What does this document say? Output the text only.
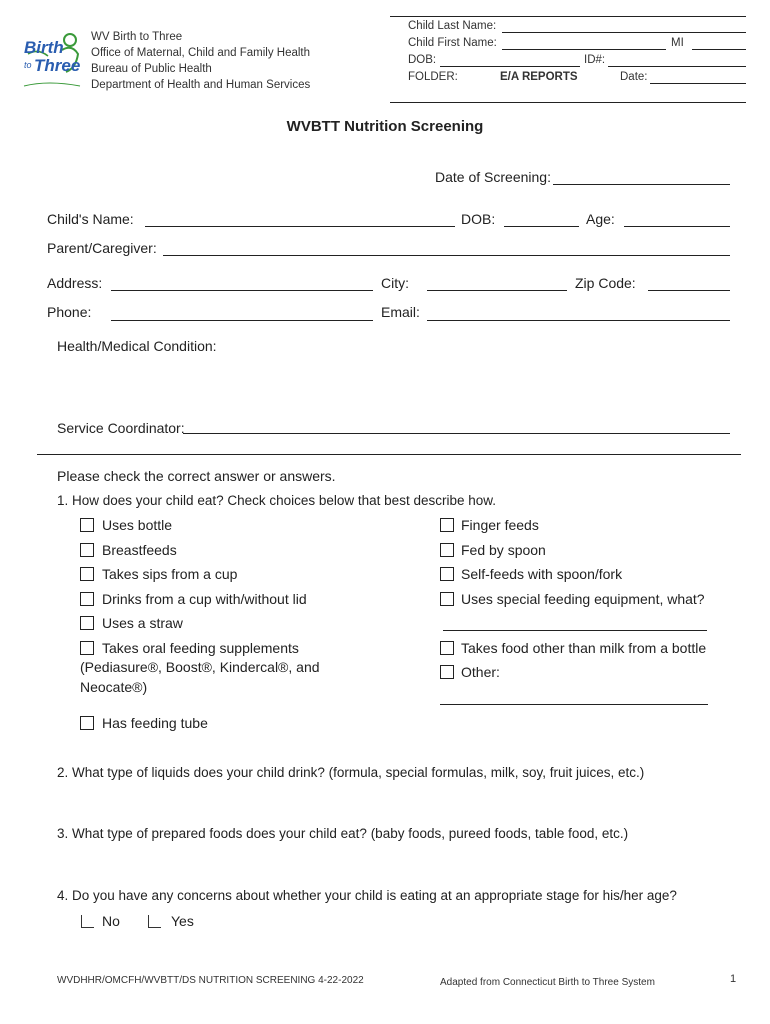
Birth
to Three
WV Birth to Three
Office of Maternal, Child and Family Health
Bureau of Public Health
Department of Health and Human Services
Child Last Name:
Child First Name:	MI
DOB:	ID#:
FOLDER:	E/A REPORTS	Date:
WVBTT Nutrition Screening
Date of Screening:
Child's Name:	DOB:	Age:
Parent/Caregiver:
Address:	City:	Zip Code:
Phone:	Email:
Health/Medical Condition:
Service Coordinator:
Please check the correct answer or answers.
1. How does your child eat? Check choices below that best describe how.
Uses bottle
Breastfeeds
Takes sips from a cup
Drinks from a cup with/without lid
Uses a straw
Takes oral feeding supplements
(Pediasure®, Boost®, Kindercal®, and
Neocate®)
Has feeding tube
Finger feeds
Fed by spoon
Self-feeds with spoon/fork
Uses special feeding equipment, what?
Takes food other than milk from a bottle
Other:
2. What type of liquids does your child drink? (formula, special formulas, milk, soy, fruit juices, etc.)
3. What type of prepared foods does your child eat? (baby foods, pureed foods, table food, etc.)
4. Do you have any concerns about whether your child is eating at an appropriate stage for his/her age?
No	Yes
WVDHHR/OMCFH/WVBTT/DS NUTRITION SCREENING 4-22-2022	Adapted from Connecticut Birth to Three System	1
